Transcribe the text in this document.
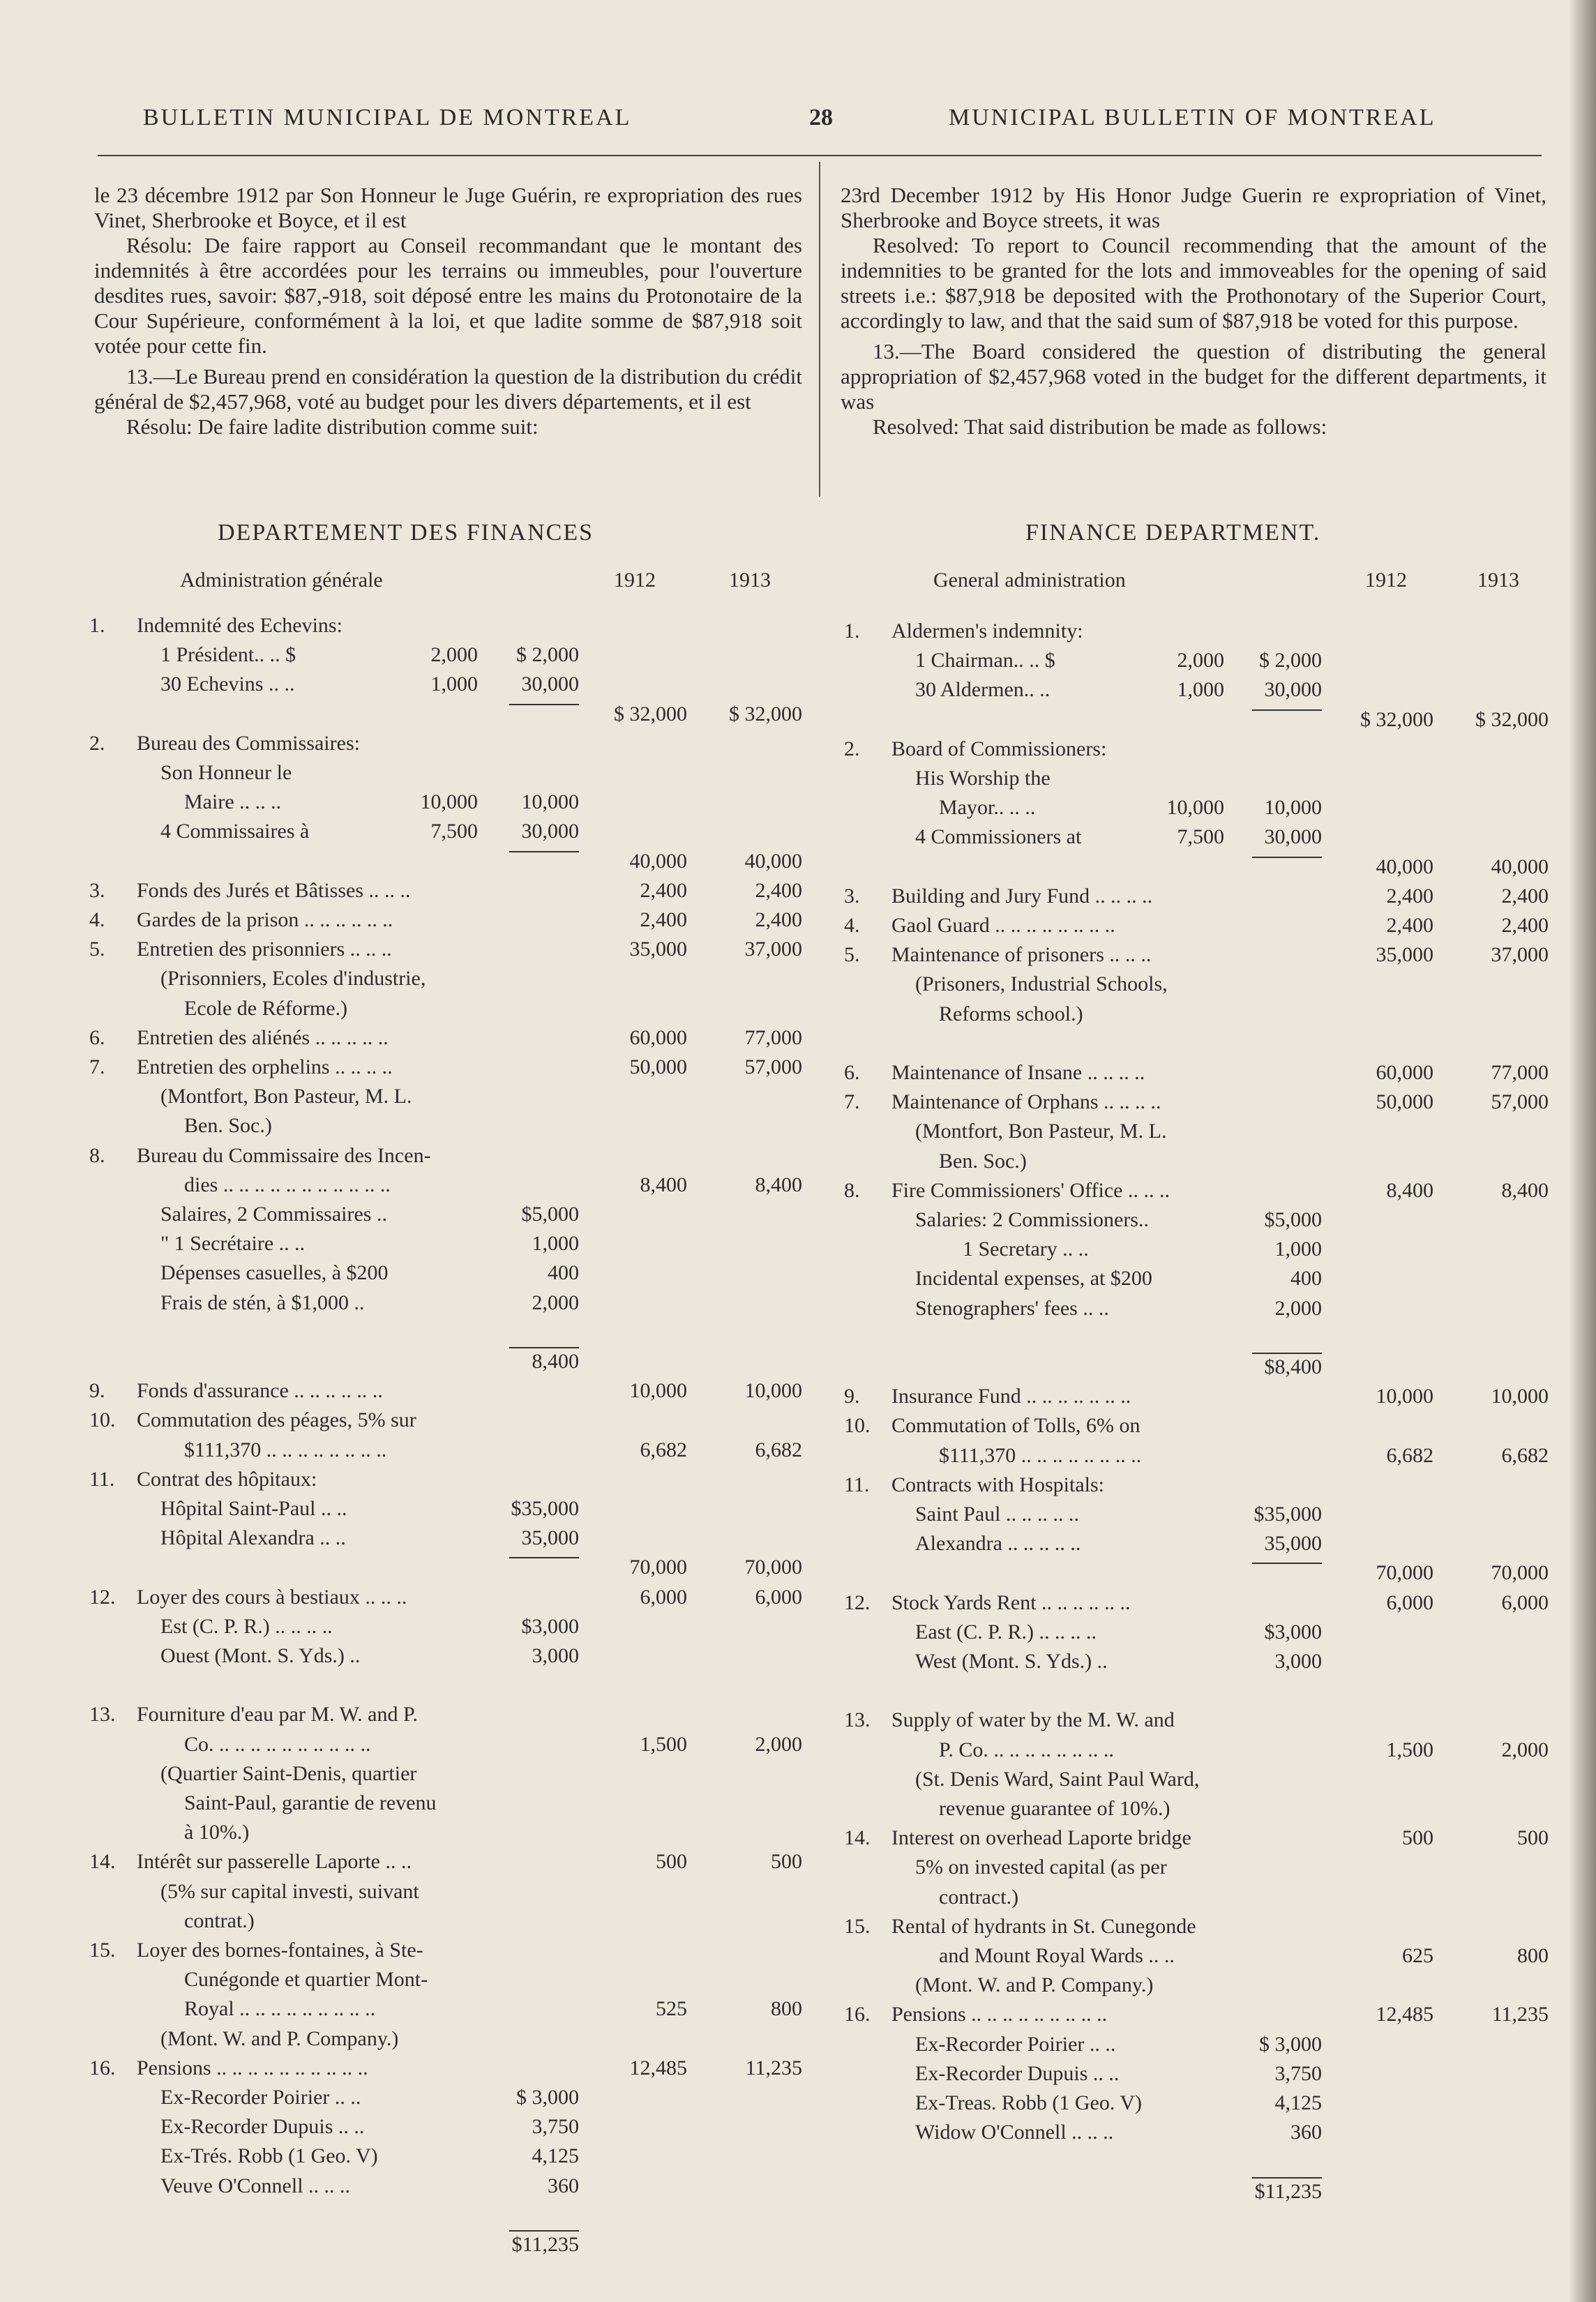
BULLETIN MUNICIPAL DE MONTREAL	28	MUNICIPAL BULLETIN OF MONTREAL

le 23 décembre 1912 par Son Honneur le Juge Guérin, re expropriation des rues Vinet, Sherbrooke et Boyce, et il est

Résolu: De faire rapport au Conseil recommandant que le montant des indemnités à être accordées pour les terrains ou immeubles, pour l'ouverture desdites rues, savoir: $87,-918, soit déposé entre les mains du Protonotaire de la Cour Supérieure, conformément à la loi, et que ladite somme de $87,918 soit votée pour cette fin.

13.—Le Bureau prend en considération la question de la distribution du crédit général de $2,457,968, voté au budget pour les divers départements, et il est

Résolu: De faire ladite distribution comme suit:

23rd December 1912 by His Honor Judge Guerin re expropriation of Vinet, Sherbrooke and Boyce streets, it was

Resolved: To report to Council recommending that the amount of the indemnities to be granted for the lots and immoveables for the opening of said streets i.e.: $87,918 be deposited with the Prothonotary of the Superior Court, accordingly to law, and that the said sum of $87,918 be voted for this purpose.

13.—The Board considered the question of distributing the general appropriation of $2,457,968 voted in the budget for the different departments, it was

Resolved: That said distribution be made as follows:

DEPARTEMENT DES FINANCES	FINANCE DEPARTMENT.
Administration générale	1912	1913	General administration	1912	1913
1.	Indemnité des Echevins:
1 Président.. .. $	2,000	$ 2,000
30 Echevins .. ..	1,000	30,000
$ 32,000	$ 32,000
2.	Bureau des Commissaires:
Son Honneur le
Maire .. .. ..	10,000	10,000
4 Commissaires à	7,500	30,000
40,000	40,000
3.	Fonds des Jurés et Bâtisses .. .. ..	2,400	2,400
4.	Gardes de la prison .. .. .. .. .. ..	2,400	2,400
5.	Entretien des prisonniers .. .. ..	35,000	37,000
(Prisonniers, Ecoles d'industrie,
Ecole de Réforme.)
6.	Entretien des aliénés .. .. .. .. ..	60,000	77,000
7.	Entretien des orphelins .. .. .. ..	50,000	57,000
(Montfort, Bon Pasteur, M. L.
Ben. Soc.)
8.	Bureau du Commissaire des Incen-
dies .. .. .. .. .. .. .. .. .. .. ..	8,400	8,400
Salaires, 2 Commissaires ..	$5,000
" 1 Secrétaire .. ..	1,000
Dépenses casuelles, à $200	400
Frais de stén, à $1,000 ..	2,000
8,400
9.	Fonds d'assurance .. .. .. .. .. ..	10,000	10,000
10.	Commutation des péages, 5% sur
$111,370 .. .. .. .. .. .. .. ..	6,682	6,682
11.	Contrat des hôpitaux:
Hôpital Saint-Paul .. ..	$35,000
Hôpital Alexandra .. ..	35,000
70,000	70,000
12.	Loyer des cours à bestiaux .. .. ..	6,000	6,000
Est (C. P. R.) .. .. .. ..	$3,000
Ouest (Mont. S. Yds.) ..	3,000
13.	Fourniture d'eau par M. W. and P.
Co. .. .. .. .. .. .. .. .. .. ..	1,500	2,000
(Quartier Saint-Denis, quartier
Saint-Paul, garantie de revenu
à 10%.)
14.	Intérêt sur passerelle Laporte .. ..	500	500
(5% sur capital investi, suivant
contrat.)
15.	Loyer des bornes-fontaines, à Ste-
Cunégonde et quartier Mont-
Royal .. .. .. .. .. .. .. .. ..	525	800
(Mont. W. and P. Company.)
16.	Pensions .. .. .. .. .. .. .. .. .. ..	12,485	11,235
Ex-Recorder Poirier .. ..	$ 3,000
Ex-Recorder Dupuis .. ..	3,750
Ex-Trés. Robb (1 Geo. V)	4,125
Veuve O'Connell .. .. ..	360
$11,235
1.	Aldermen's indemnity:
1 Chairman.. .. $	2,000	$ 2,000
30 Aldermen.. ..	1,000	30,000
$ 32,000	$ 32,000
2.	Board of Commissioners:
His Worship the
Mayor.. .. ..	10,000	10,000
4 Commissioners at	7,500	30,000
40,000	40,000
3.	Building and Jury Fund .. .. .. ..	2,400	2,400
4.	Gaol Guard .. .. .. .. .. .. .. ..	2,400	2,400
5.	Maintenance of prisoners .. .. ..	35,000	37,000
(Prisoners, Industrial Schools,
Reforms school.)
6.	Maintenance of Insane .. .. .. ..	60,000	77,000
7.	Maintenance of Orphans .. .. .. ..	50,000	57,000
(Montfort, Bon Pasteur, M. L.
Ben. Soc.)
8.	Fire Commissioners' Office .. .. ..	8,400	8,400
Salaries: 2 Commissioners..	$5,000
1 Secretary .. ..	1,000
Incidental expenses, at $200	400
Stenographers' fees .. ..	2,000
$8,400
9.	Insurance Fund .. .. .. .. .. .. ..	10,000	10,000
10.	Commutation of Tolls, 6% on
$111,370 .. .. .. .. .. .. .. ..	6,682	6,682
11.	Contracts with Hospitals:
Saint Paul .. .. .. .. ..	$35,000
Alexandra .. .. .. .. ..	35,000
70,000	70,000
12.	Stock Yards Rent .. .. .. .. .. ..	6,000	6,000
East (C. P. R.) .. .. .. ..	$3,000
West (Mont. S. Yds.) ..	3,000
13.	Supply of water by the M. W. and
P. Co. .. .. .. .. .. .. .. ..	1,500	2,000
(St. Denis Ward, Saint Paul Ward,
revenue guarantee of 10%.)
14.	Interest on overhead Laporte bridge	500	500
5% on invested capital (as per
contract.)
15.	Rental of hydrants in St. Cunegonde
and Mount Royal Wards .. ..	625	800
(Mont. W. and P. Company.)
16.	Pensions .. .. .. .. .. .. .. .. ..	12,485	11,235
Ex-Recorder Poirier .. ..	$ 3,000
Ex-Recorder Dupuis .. ..	3,750
Ex-Treas. Robb (1 Geo. V)	4,125
Widow O'Connell .. .. ..	360
$11,235
